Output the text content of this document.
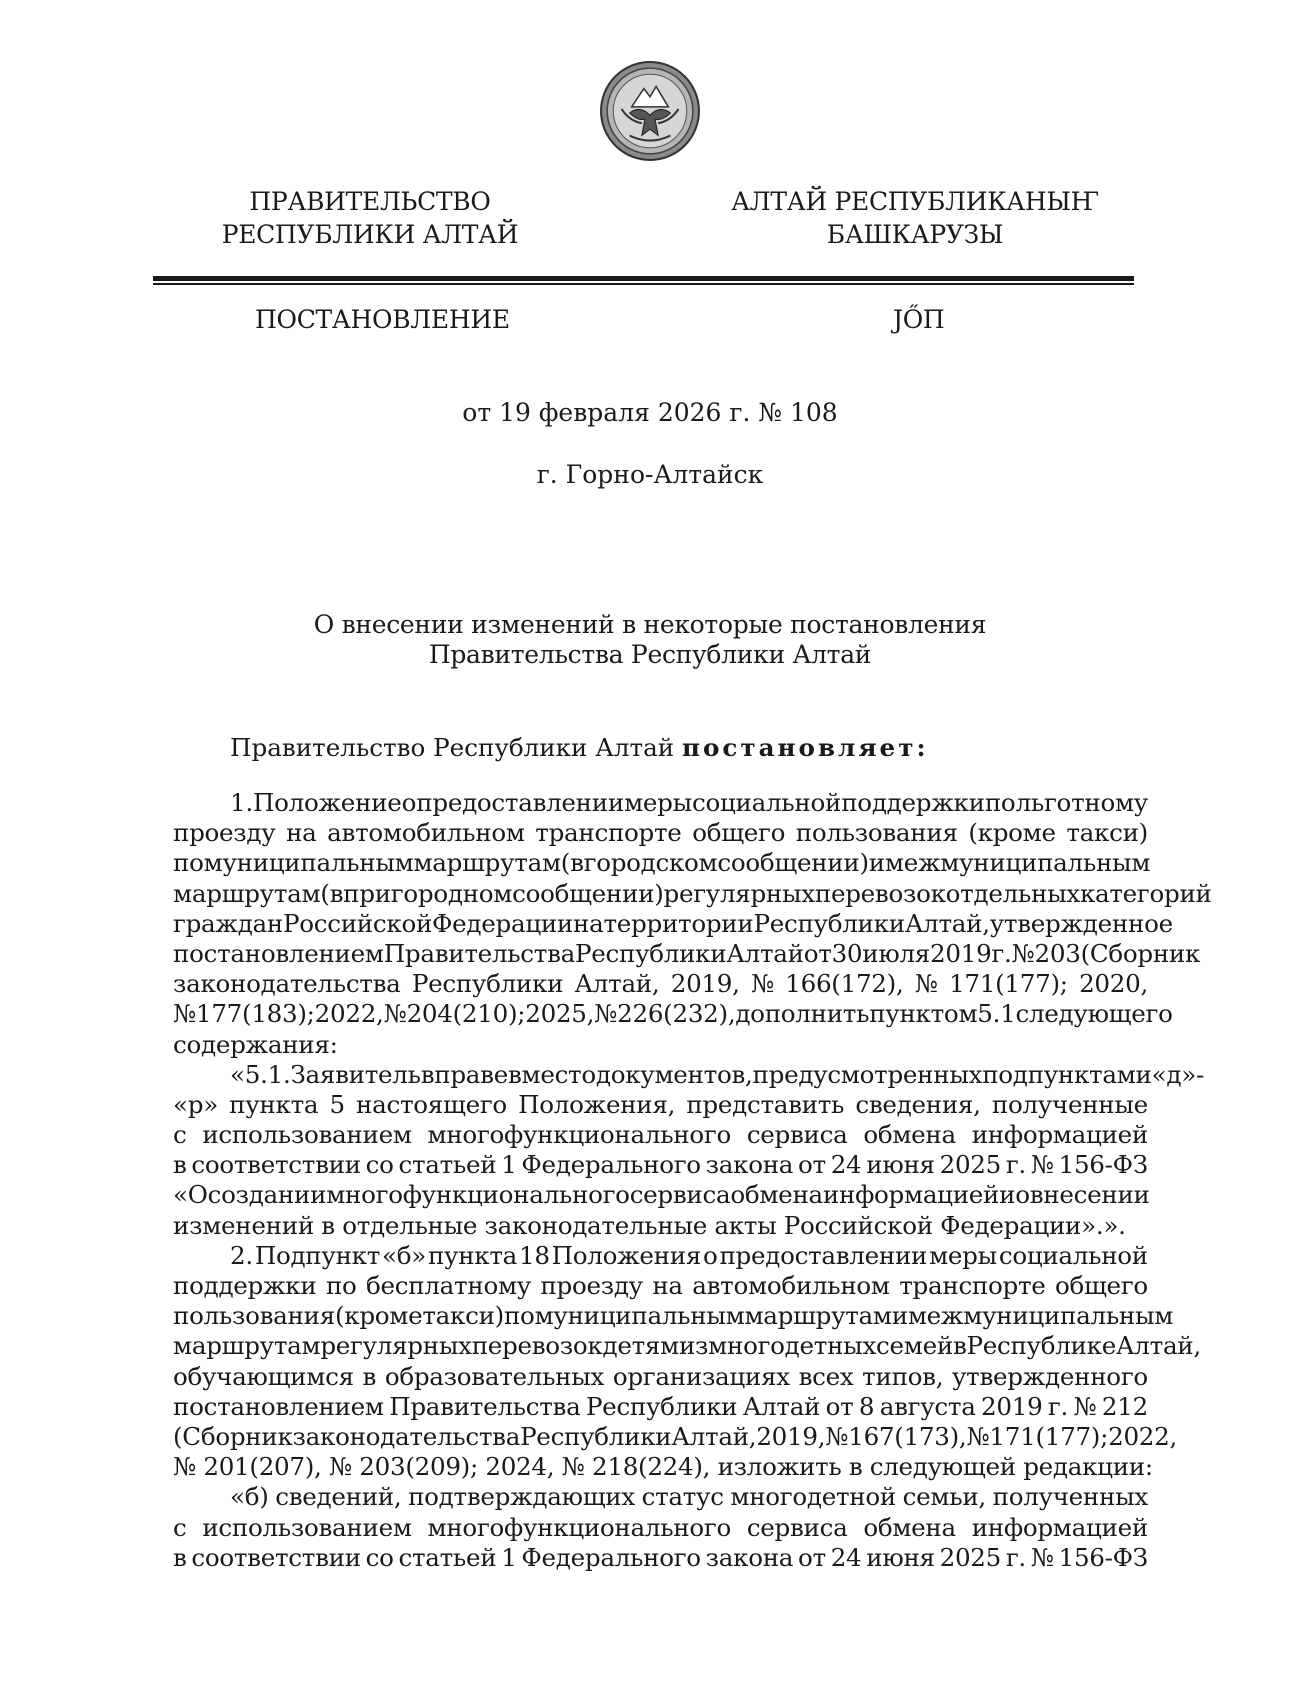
ПРАВИТЕЛЬСТВО
РЕСПУБЛИКИ АЛТАЙ
АЛТАЙ РЕСПУБЛИКАНЫҤ
БАШКАРУЗЫ
ПОСТАНОВЛЕНИЕ	JŐП
от 19 февраля 2026 г. № 108
г. Горно-Алтайск
О внесении изменений в некоторые постановления
Правительства Республики Алтай
Правительство Республики Алтай постановляет:
1. Положение о предоставлении меры социальной поддержки по льготному
проезду на автомобильном транспорте общего пользования (кроме такси)
по муниципальным маршрутам (в городском сообщении) и межмуниципальным
маршрутам (в пригородном сообщении) регулярных перевозок отдельных категорий
граждан Российской Федерации на территории Республики Алтай, утвержденное
постановлением Правительства Республики Алтай от 30 июля 2019 г. № 203 (Сборник
законодательства Республики Алтай, 2019, № 166(172), № 171(177); 2020,
№ 177(183); 2022, № 204(210); 2025, № 226(232), дополнить пунктом 5.1 следующего
содержания:
«5.1. Заявитель вправе вместо документов, предусмотренных подпунктами «д» -
«р» пункта 5 настоящего Положения, представить сведения, полученные
с использованием многофункционального сервиса обмена информацией
в соответствии со статьей 1 Федерального закона от 24 июня 2025 г. № 156-ФЗ
«О создании многофункционального сервиса обмена информацией и о внесении
изменений в отдельные законодательные акты Российской Федерации».».
2. Подпункт «б» пункта 18 Положения о предоставлении меры социальной
поддержки по бесплатному проезду на автомобильном транспорте общего
пользования (кроме такси) по муниципальным маршрутам и межмуниципальным
маршрутам регулярных перевозок детям из многодетных семей в Республике Алтай,
обучающимся в образовательных организациях всех типов, утвержденного
постановлением Правительства Республики Алтай от 8 августа 2019 г. № 212
(Сборник законодательства Республики Алтай, 2019, № 167(173), № 171(177); 2022,
№ 201(207), № 203(209); 2024, № 218(224), изложить в следующей редакции:
«б) сведений, подтверждающих статус многодетной семьи, полученных
с использованием многофункционального сервиса обмена информацией
в соответствии со статьей 1 Федерального закона от 24 июня 2025 г. № 156-ФЗ
